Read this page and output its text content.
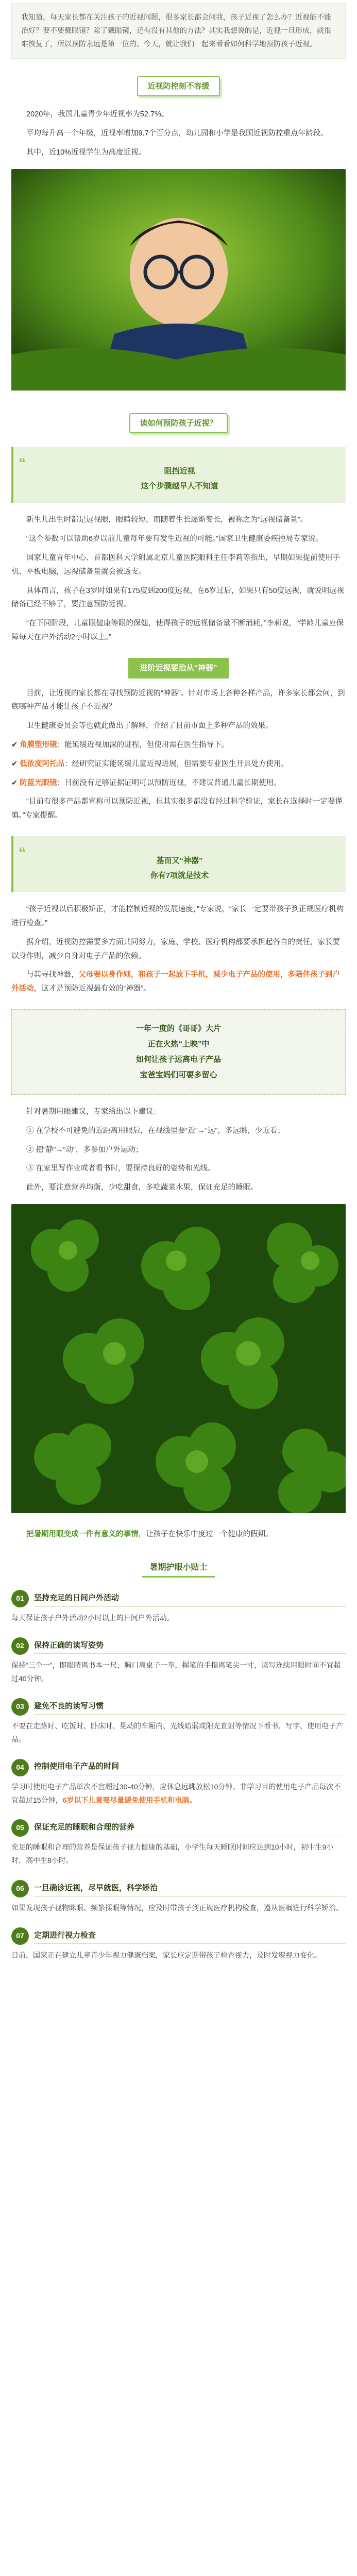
我知道，每天家长都在关注孩子的近视问题，很多家长都会问我，孩子近视了怎么办？近视能不能治好？要不要戴眼镜？除了戴眼镜，还有没有其他的方法？其实我想说的是，近视一旦形成，就很难恢复了，所以预防永远是第一位的。今天，就让我们一起来看看如何科学地预防孩子近视。
近视防控刻不容缓

2020年，我国儿童青少年近视率为52.7%。

平均每升高一个年级，近视率增加9.7个百分点，幼儿园和小学是我国近视防控重点年龄段。

其中，近10%近视学生为高度近视。

读如何预防孩子近视？
“
阻挡近视
这个步骤越早人不知道

新生儿出生时都是远视眼，眼睛较短，而随着生长逐渐变长，被称之为“远视储备量”。

“这个参数可以帮助6岁以前儿童每年要有发生近视的可能。”国家卫生健康委疾控局专家说。

国家儿童青年中心、首都医科大学附属北京儿童医院眼科主任李莉等指出，早期如果提前使用手机、平板电脑，远视储备量就会被透支。

具体而言，孩子在3岁时如果有175度到200度远视，在6岁过后，如果只有50度远视，就说明远视储备已经不够了，要注意预防近视。

“在下同阶段，儿童眼健康等眼的保健，使得孩子的远视储备量不断消耗，”李莉说，“学龄儿童应保障每天在户外活动2小时以上。”

进阶近视要治从“神器”

目前，让近视的家长都在寻找预防近视的“神器”。针对市场上各种各样产品，许多家长都会问，到底哪种产品才能让孩子不近视？

卫生健康委员会等也就此做出了解释，介绍了目前市面上多种产品的效果。

✔ 角膜塑形镜：能延缓近视加深的进程，但使用需在医生指导下。

✔ 低浓度阿托品：经研究证实能延缓儿童近视进展，但需要专业医生开具处方使用。

✔ 防蓝光眼镜：目前没有足够证据证明可以预防近视，不建议普通儿童长期使用。

“目前有很多产品都宣称可以预防近视，但其实很多都没有经过科学验证，家长在选择时一定要谨慎。”专家提醒。

“
基而又“神器”
你有7项就是技术

“孩子近视以后积极矫正，才能控制近视的发展速度，”专家说，“家长一定要带孩子到正规医疗机构进行检查。”

据介绍，近视防控需要多方面共同努力，家庭、学校、医疗机构都要承担起各自的责任，家长要以身作则，减少自身对电子产品的依赖。

与其寻找神器，父母要以身作则，和孩子一起放下手机，减少电子产品的使用，多陪伴孩子到户外活动，这才是预防近视最有效的“神器”。

一年一度的《哥哥》大片
正在火热“上映”中
如何让孩子远离电子产品
宝爸宝妈们可要多留心

针对暑期用眼建议，专家给出以下建议：

① 在学校不可避免的近距离用眼后，在视线里要“近”→“远”，多远眺，少近看；

② 把“静”→“动”，多参加户外运动；

③ 在家里写作业或者看书时，要保持良好的姿势和光线。

此外，要注意营养均衡，少吃甜食，多吃蔬菜水果，保证充足的睡眠。

把暑期用眼变成一件有意义的事情，让孩子在快乐中度过一个健康的假期。

暑期护眼小贴士
01	坚持充足的日间户外活动

每天保证孩子户外活动2小时以上的日间户外活动。

02	保持正确的读写姿势

保持“三个一”，即眼睛离书本一尺，胸口离桌子一拳，握笔的手指离笔尖一寸，读写连续用眼时间不宜超过40分钟。

03	避免不良的读写习惯

不要在走路时、吃饭时、卧床时、晃动的车厢内、光线暗弱或阳光直射等情况下看书、写字、使用电子产品。

04	控制使用电子产品的时间

学习时使用电子产品单次不宜超过30-40分钟，应休息远眺放松10分钟。非学习目的使用电子产品每次不宜超过15分钟，6岁以下儿童要尽量避免使用手机和电脑。

05	保证充足的睡眠和合理的营养

充足的睡眠和合理的营养是保证孩子视力健康的基础，小学生每天睡眠时间应达到10小时，初中生9小时，高中生8小时。

06	一旦确诊近视，尽早就医，科学矫治

如果发现孩子视物眯眼、频繁揉眼等情况，应及时带孩子到正规医疗机构检查，遵从医嘱进行科学矫治。

07	定期进行视力检查

目前，国家正在建立儿童青少年视力健康档案，家长应定期带孩子检查视力，及时发现视力变化。
